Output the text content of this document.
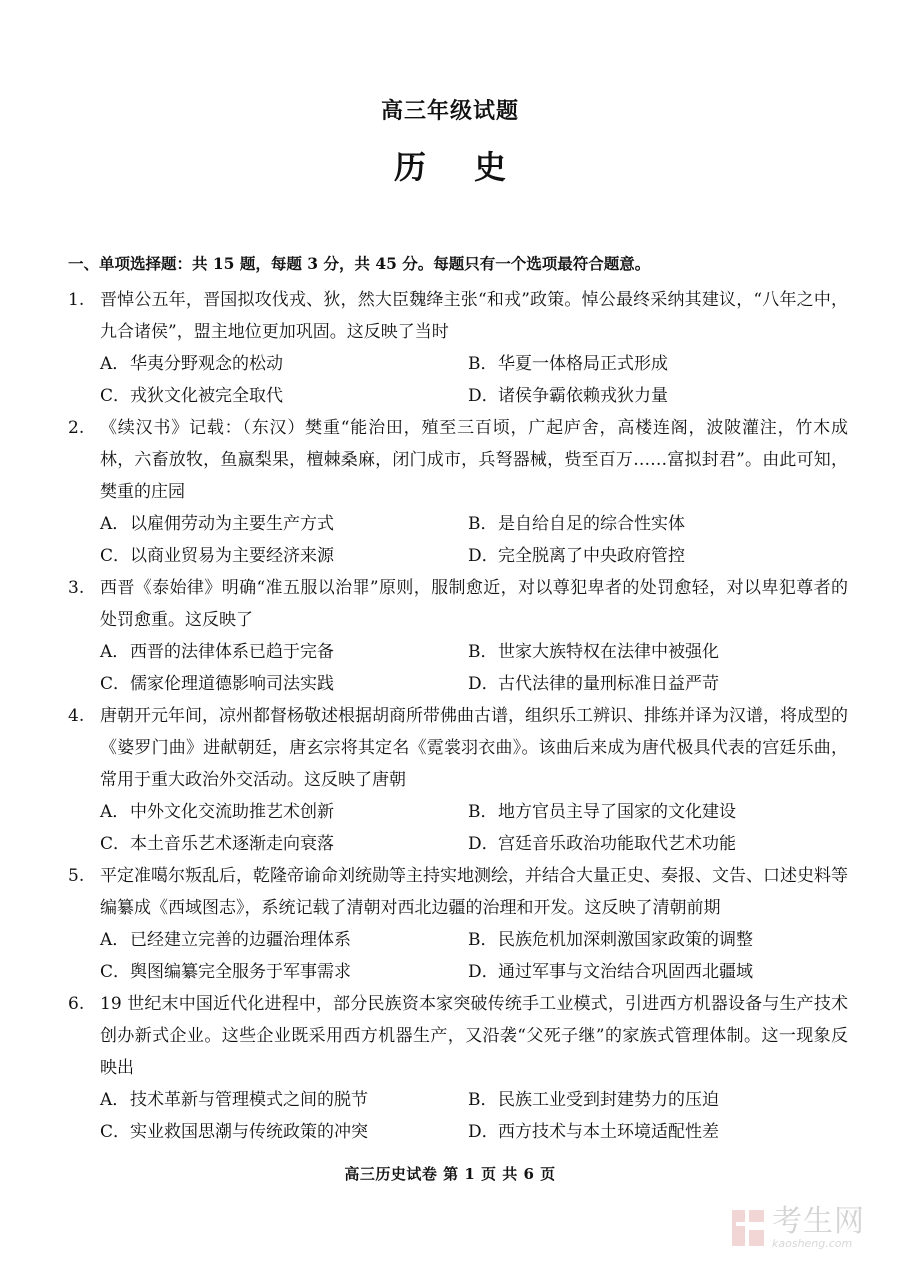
高三年级试题
历史
一、单项选择题：共 15 题，每题 3 分，共 45 分。每题只有一个选项最符合题意。
1. 晋悼公五年，晋国拟攻伐戎、狄，然大臣魏绛主张“和戎”政策。悼公最终采纳其建议，“八年之中，九合诸侯”，盟主地位更加巩固。这反映了当时
A． 华夷分野观念的松动	B． 华夏一体格局正式形成
C． 戎狄文化被完全取代	D． 诸侯争霸依赖戎狄力量
2. 《续汉书》记载：（东汉）樊重“能治田，殖至三百顷，广起庐舍，高楼连阁，波陂灌注，竹木成林，六畜放牧，鱼嬴梨果，檀棘桑麻，闭门成市，兵弩器械，赀至百万……富拟封君”。由此可知，樊重的庄园
A． 以雇佣劳动为主要生产方式	B． 是自给自足的综合性实体
C． 以商业贸易为主要经济来源	D． 完全脱离了中央政府管控
3. 西晋《泰始律》明确“准五服以治罪”原则，服制愈近，对以尊犯卑者的处罚愈轻，对以卑犯尊者的处罚愈重。这反映了
A． 西晋的法律体系已趋于完备	B． 世家大族特权在法律中被强化
C． 儒家伦理道德影响司法实践	D． 古代法律的量刑标准日益严苛
4. 唐朝开元年间，凉州都督杨敬述根据胡商所带佛曲古谱，组织乐工辨识、排练并译为汉谱，将成型的《婆罗门曲》进献朝廷，唐玄宗将其定名《霓裳羽衣曲》。该曲后来成为唐代极具代表的宫廷乐曲，常用于重大政治外交活动。这反映了唐朝
A． 中外文化交流助推艺术创新	B． 地方官员主导了国家的文化建设
C． 本土音乐艺术逐渐走向衰落	D． 宫廷音乐政治功能取代艺术功能
5. 平定准噶尔叛乱后，乾隆帝谕命刘统勋等主持实地测绘，并结合大量正史、奏报、文告、口述史料等编纂成《西域图志》，系统记载了清朝对西北边疆的治理和开发。这反映了清朝前期
A． 已经建立完善的边疆治理体系	B． 民族危机加深刺激国家政策的调整
C． 舆图编纂完全服务于军事需求	D． 通过军事与文治结合巩固西北疆域
6. 19 世纪末中国近代化进程中，部分民族资本家突破传统手工业模式，引进西方机器设备与生产技术创办新式企业。这些企业既采用西方机器生产，又沿袭“父死子继”的家族式管理体制。这一现象反映出
A． 技术革新与管理模式之间的脱节	B． 民族工业受到封建势力的压迫
C． 实业救国思潮与传统政策的冲突	D． 西方技术与本土环境适配性差
高三历史试卷 第 1 页 共 6 页
考生网
kaosheng.com
